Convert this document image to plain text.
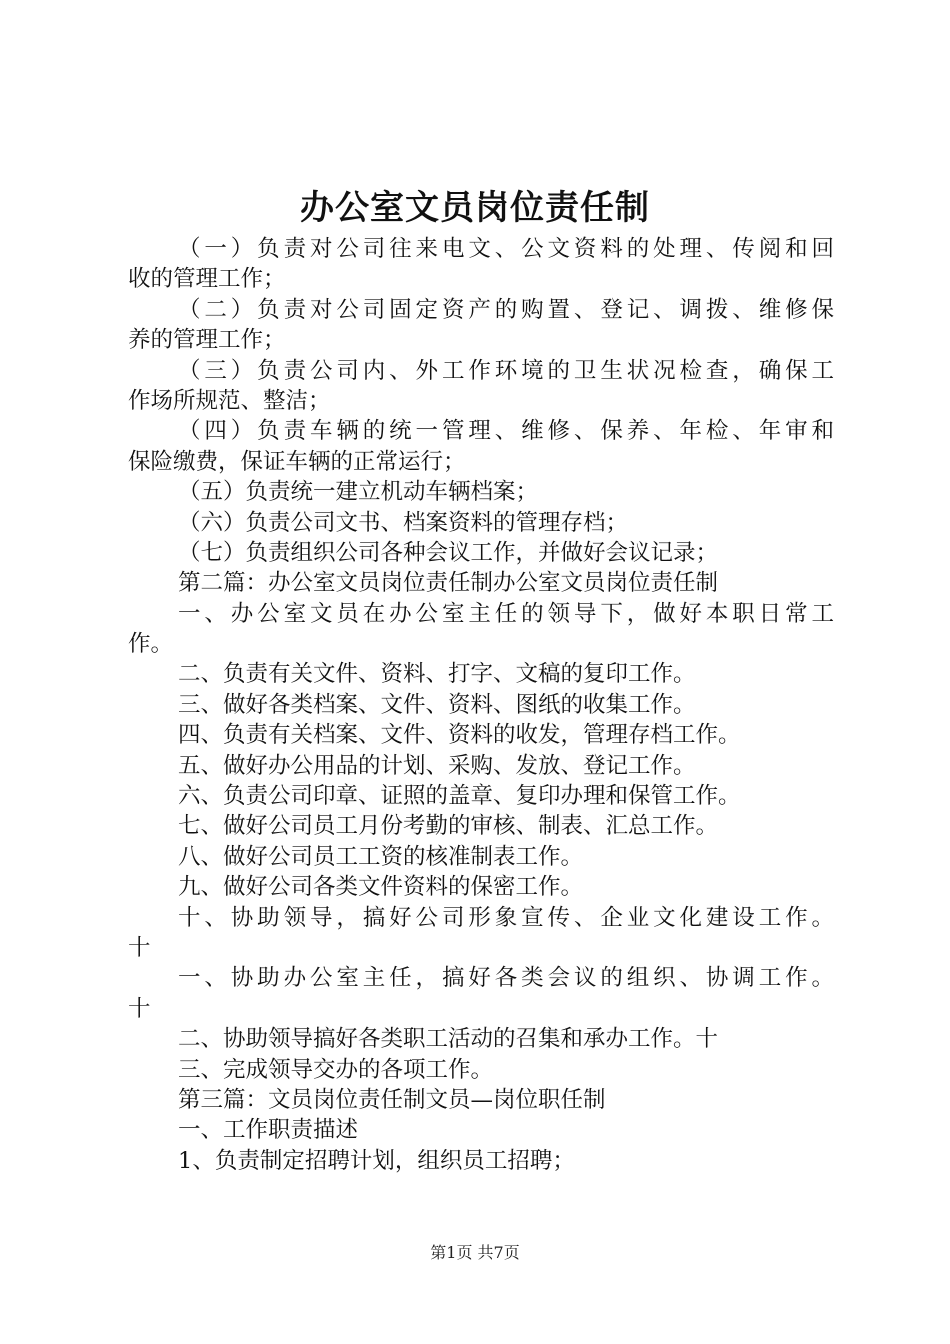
办公室文员岗位责任制
（一）负责对公司往来电文、公文资料的处理、传阅和回
收的管理工作；
（二）负责对公司固定资产的购置、登记、调拨、维修保
养的管理工作；
（三）负责公司内、外工作环境的卫生状况检查，确保工
作场所规范、整洁；
（四）负责车辆的统一管理、维修、保养、年检、年审和
保险缴费，保证车辆的正常运行；
（五）负责统一建立机动车辆档案；
（六）负责公司文书、档案资料的管理存档；
（七）负责组织公司各种会议工作，并做好会议记录；
第二篇：办公室文员岗位责任制办公室文员岗位责任制
一、办公室文员在办公室主任的领导下，做好本职日常工
作。
二、负责有关文件、资料、打字、文稿的复印工作。
三、做好各类档案、文件、资料、图纸的收集工作。
四、负责有关档案、文件、资料的收发，管理存档工作。
五、做好办公用品的计划、采购、发放、登记工作。
六、负责公司印章、证照的盖章、复印办理和保管工作。
七、做好公司员工月份考勤的审核、制表、汇总工作。
八、做好公司员工工资的核准制表工作。
九、做好公司各类文件资料的保密工作。
十、协助领导，搞好公司形象宣传、企业文化建设工作。
十
一、协助办公室主任，搞好各类会议的组织、协调工作。
十
二、协助领导搞好各类职工活动的召集和承办工作。十
三、完成领导交办的各项工作。
第三篇：文员岗位责任制文员—岗位职任制
一、工作职责描述
1、负责制定招聘计划，组织员工招聘；
第1页 共7页
